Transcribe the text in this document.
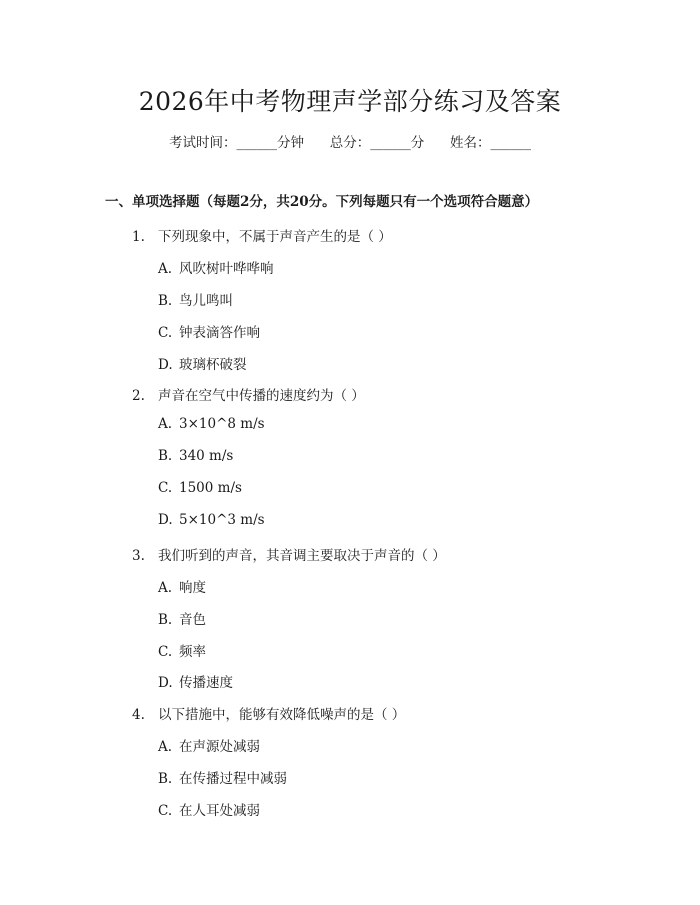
2026年中考物理声学部分练习及答案
考试时间：______分钟      总分：______分      姓名：______
一、单项选择题（每题2分，共20分。下列每题只有一个选项符合题意）
1. 下列现象中，不属于声音产生的是（ ）
A. 风吹树叶哗哗响
B. 鸟儿鸣叫
C. 钟表滴答作响
D. 玻璃杯破裂
2. 声音在空气中传播的速度约为（ ）
A. 3×10^8 m/s
B. 340 m/s
C. 1500 m/s
D. 5×10^3 m/s
3. 我们听到的声音，其音调主要取决于声音的（ ）
A. 响度
B. 音色
C. 频率
D. 传播速度
4. 以下措施中，能够有效降低噪声的是（ ）
A. 在声源处减弱
B. 在传播过程中减弱
C. 在人耳处减弱
